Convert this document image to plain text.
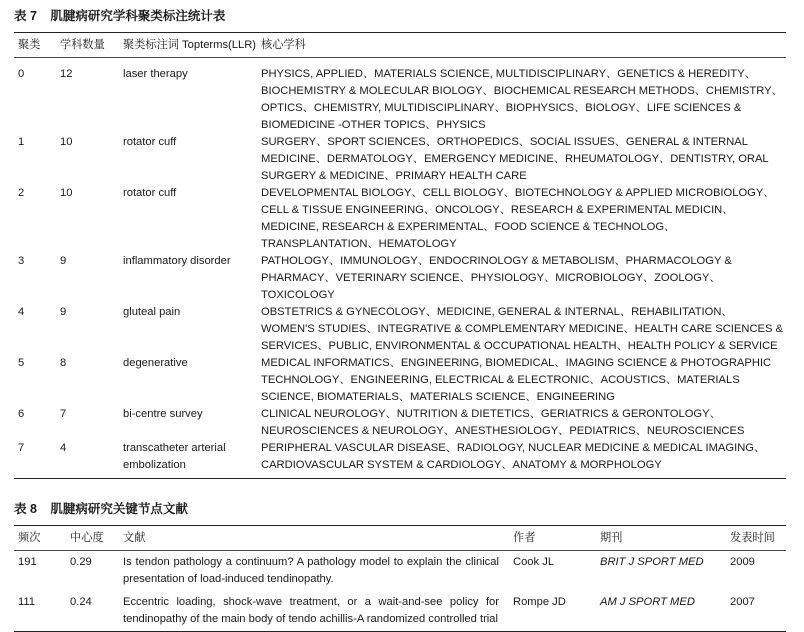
表 7 肌腱病研究学科聚类标注统计表
聚类	学科数量	聚类标注词 Topterms(LLR)	核心学科
0	12	laser therapy	PHYSICS, APPLIED、MATERIALS SCIENCE, MULTIDISCIPLINARY、GENETICS & HEREDITY、BIOCHEMISTRY & MOLECULAR BIOLOGY、BIOCHEMICAL RESEARCH METHODS、CHEMISTRY、OPTICS、CHEMISTRY, MULTIDISCIPLINARY、BIOPHYSICS、BIOLOGY、LIFE SCIENCES & BIOMEDICINE -OTHER TOPICS、PHYSICS
1	10	rotator cuff	SURGERY、SPORT SCIENCES、ORTHOPEDICS、SOCIAL ISSUES、GENERAL & INTERNAL MEDICINE、DERMATOLOGY、EMERGENCY MEDICINE、RHEUMATOLOGY、DENTISTRY, ORAL SURGERY & MEDICINE、PRIMARY HEALTH CARE
2	10	rotator cuff	DEVELOPMENTAL BIOLOGY、CELL BIOLOGY、BIOTECHNOLOGY & APPLIED MICROBIOLOGY、CELL & TISSUE ENGINEERING、ONCOLOGY、RESEARCH & EXPERIMENTAL MEDICIN、MEDICINE, RESEARCH & EXPERIMENTAL、FOOD SCIENCE & TECHNOLOG、TRANSPLANTATION、HEMATOLOGY
3	9	inflammatory disorder	PATHOLOGY、IMMUNOLOGY、ENDOCRINOLOGY & METABOLISM、PHARMACOLOGY & PHARMACY、VETERINARY SCIENCE、PHYSIOLOGY、MICROBIOLOGY、ZOOLOGY、TOXICOLOGY
4	9	gluteal pain	OBSTETRICS & GYNECOLOGY、MEDICINE, GENERAL & INTERNAL、REHABILITATION、WOMEN'S STUDIES、INTEGRATIVE & COMPLEMENTARY MEDICINE、HEALTH CARE SCIENCES & SERVICES、PUBLIC, ENVIRONMENTAL & OCCUPATIONAL HEALTH、HEALTH POLICY & SERVICE
5	8	degenerative	MEDICAL INFORMATICS、ENGINEERING, BIOMEDICAL、IMAGING SCIENCE & PHOTOGRAPHIC TECHNOLOGY、ENGINEERING, ELECTRICAL & ELECTRONIC、ACOUSTICS、MATERIALS SCIENCE, BIOMATERIALS、MATERIALS SCIENCE、ENGINEERING
6	7	bi-centre survey	CLINICAL NEUROLOGY、NUTRITION & DIETETICS、GERIATRICS & GERONTOLOGY、NEUROSCIENCES & NEUROLOGY、ANESTHESIOLOGY、PEDIATRICS、NEUROSCIENCES
7	4	transcatheter arterial embolization	PERIPHERAL VASCULAR DISEASE、RADIOLOGY, NUCLEAR MEDICINE & MEDICAL IMAGING、CARDIOVASCULAR SYSTEM & CARDIOLOGY、ANATOMY & MORPHOLOGY
表 8 肌腱病研究关键节点文献
频次	中心度	文献	作者	期刊	发表时间
191	0.29	Is tendon pathology a continuum? A pathology model to explain the clinical presentation of load-induced tendinopathy.	Cook JL	BRIT J SPORT MED	2009
111	0.24	Eccentric loading, shock-wave treatment, or a wait-and-see policy for tendinopathy of the main body of tendo achillis-A randomized controlled trial	Rompe JD	AM J SPORT MED	2007
